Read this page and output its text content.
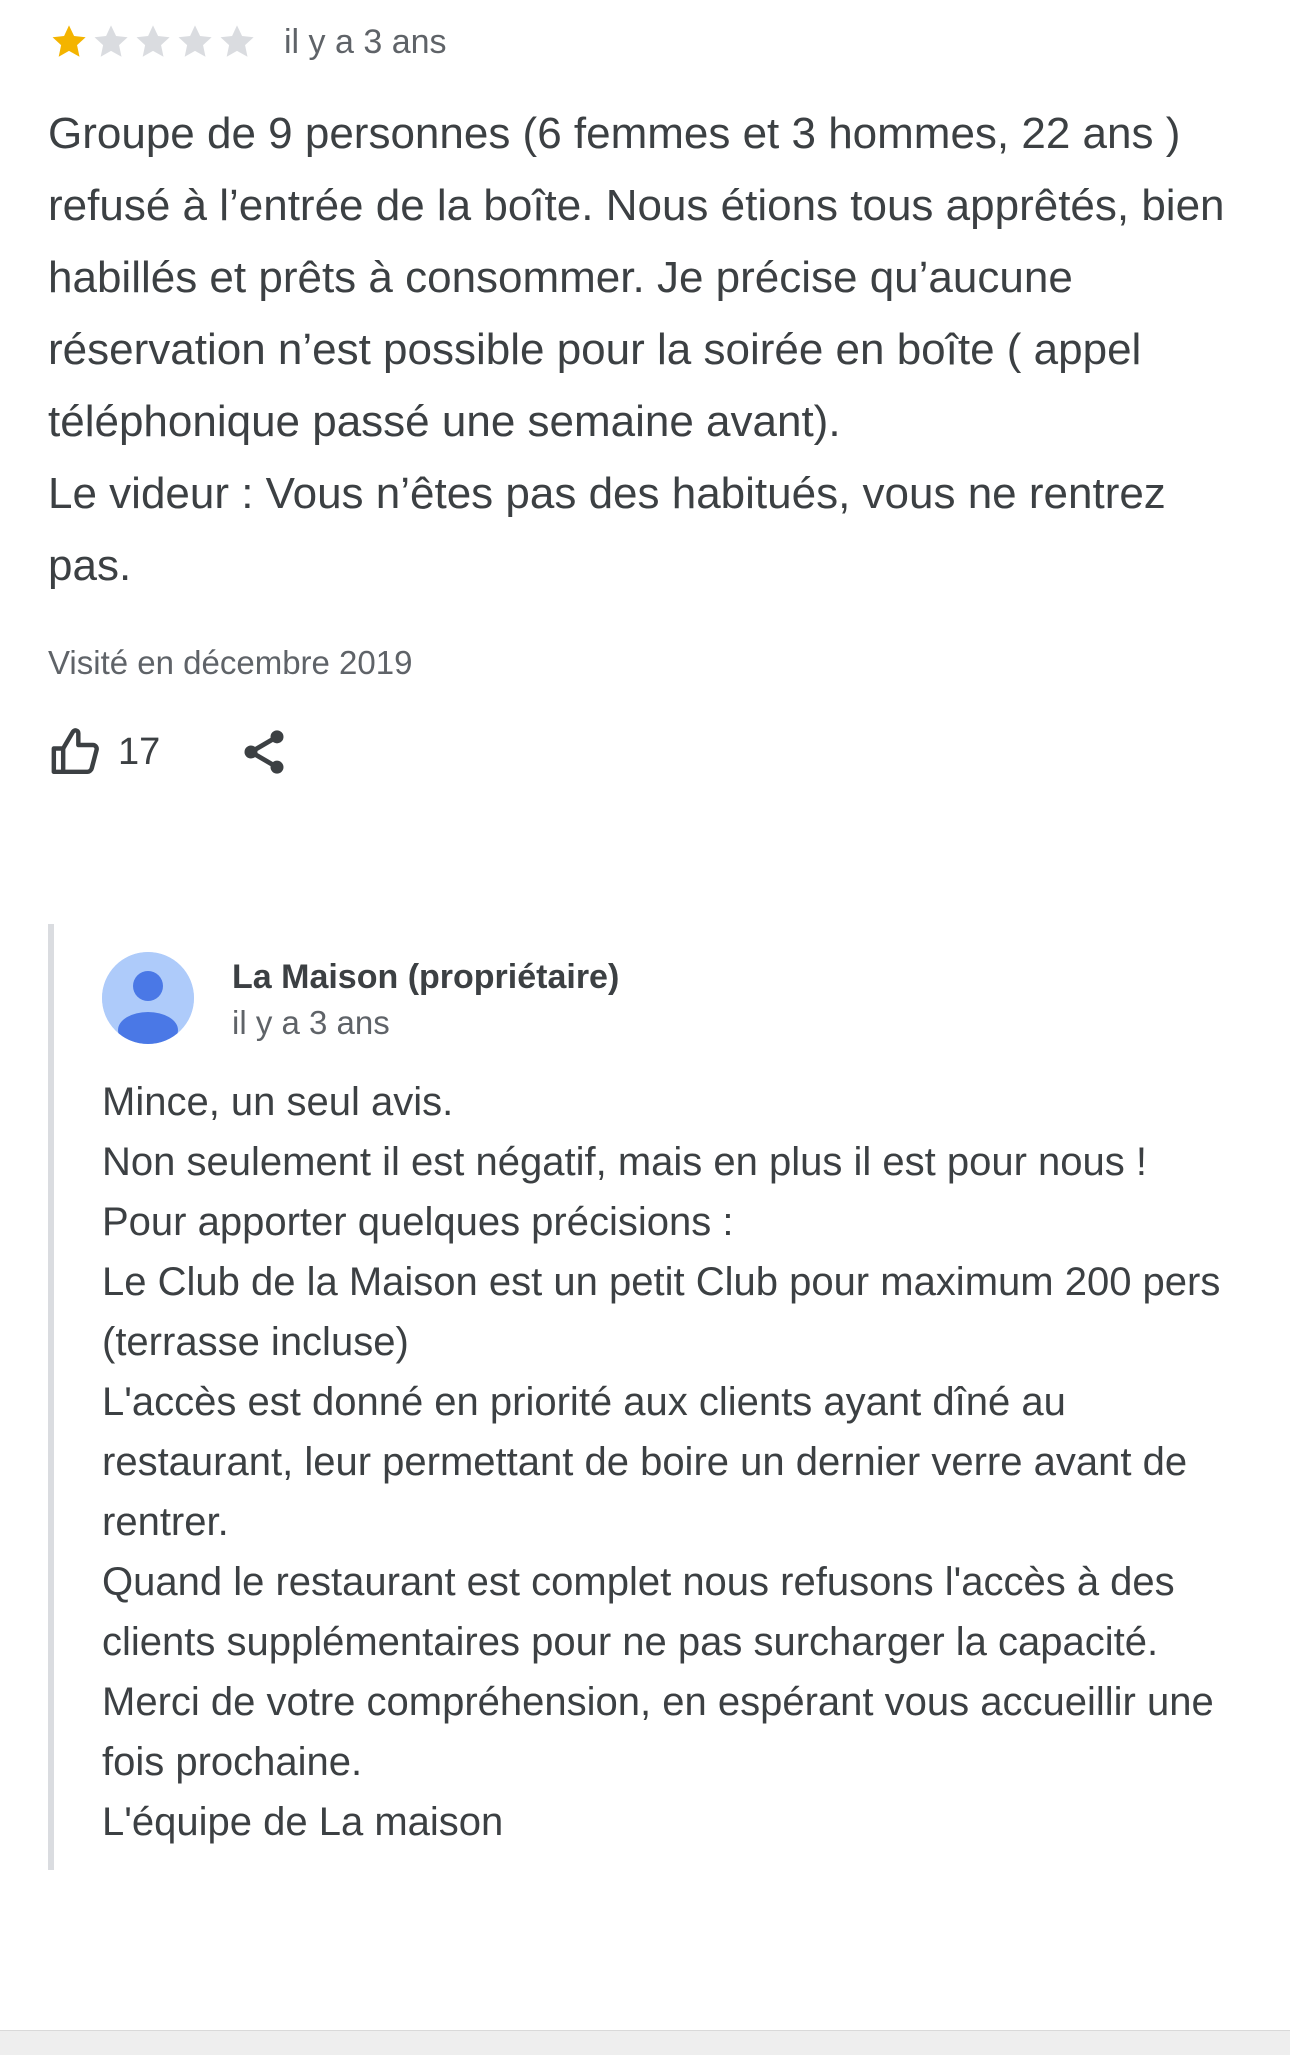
il y a 3 ans

Groupe de 9 personnes (6 femmes et 3 hommes, 22 ans ) refusé à l’entrée de la boîte. Nous étions tous apprêtés, bien habillés et prêts à consommer. Je précise qu’aucune réservation n’est possible pour la soirée en boîte ( appel téléphonique passé une semaine avant).

Le videur : Vous n’êtes pas des habitués, vous ne rentrez pas.

Visité en décembre 2019
17
La Maison (propriétaire)
il y a 3 ans

Mince, un seul avis.

Non seulement il est négatif, mais en plus il est pour nous !

Pour apporter quelques précisions :

Le Club de la Maison est un petit Club pour maximum 200 pers (terrasse incluse)

L'accès est donné en priorité aux clients ayant dîné au restaurant, leur permettant de boire un dernier verre avant de rentrer.

Quand le restaurant est complet nous refusons l'accès à des clients supplémentaires pour ne pas surcharger la capacité.

Merci de votre compréhension, en espérant vous accueillir une fois prochaine.

L'équipe de La maison
